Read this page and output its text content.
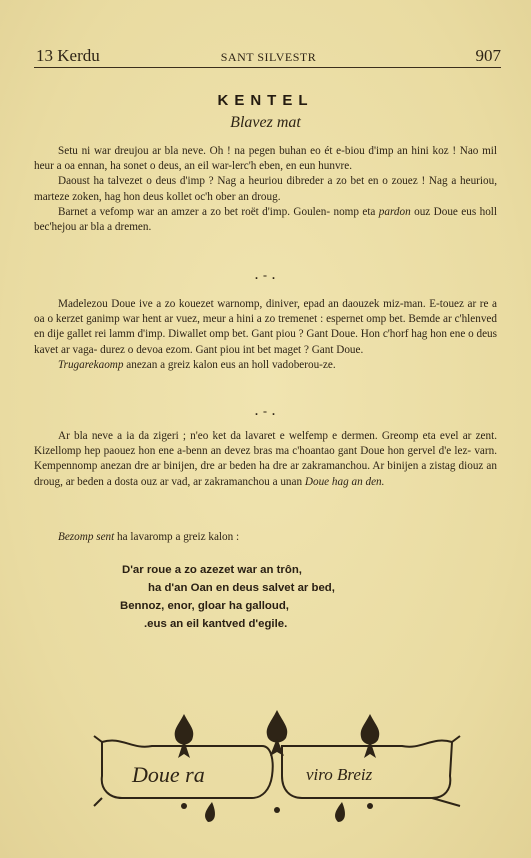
13 Kerdu	SANT SILVESTR	907
KENTEL
Blavez mat

Setu ni war dreujou ar bla neve. Oh ! na pegen buhan eo ét e-biou d'imp an hini koz ! Nao mil heur a oa ennan, ha sonet o deus, an eil war-lerc'h eben, en eun hunvre.

Daoust ha talvezet o deus d'imp ? Nag a heuriou dibreder a zo bet en o zouez ! Nag a heuriou, marteze zoken, hag hon deus kollet oc'h ober an droug.

Barnet a vefomp war an amzer a zo bet roët d'imp. Goulen- nomp eta pardon ouz Doue eus holl bec'hejou ar bla a dremen.

. - .

Madelezou Doue ive a zo kouezet warnomp, diniver, epad an daouzek miz-man. E-touez ar re a oa o kerzet ganimp war hent ar vuez, meur a hini a zo tremenet : espernet omp bet. Bemde ar c'hlenved en dije gallet rei lamm d'imp. Diwallet omp bet. Gant piou ? Gant Doue. Hon c'horf hag hon ene o deus kavet ar vaga- durez o devoa ezom. Gant piou int bet maget ? Gant Doue.

Trugarekaomp anezan a greiz kalon eus an holl vadoberou-ze.

. - .

Ar bla neve a ia da zigeri ; n'eo ket da lavaret e welfemp e dermen. Greomp eta evel ar zent. Kizellomp hep paouez hon ene a-benn an devez bras ma c'hoantao gant Doue hon gervel d'e lez- varn. Kempennomp anezan dre ar binijen, dre ar beden ha dre ar zakramanchou. Ar binijen a zistag diouz an droug, ar beden a dosta ouz ar vad, ar zakramanchou a unan Doue hag an den.

Bezomp sent ha lavaromp a greiz kalon :

D'ar roue a zo azezet war an trôn,
ha d'an Oan en deus salvet ar bed,
Bennoz, enor, gloar ha galloud,
.eus an eil kantved d'egile.
Doue ra	viro Breiz
